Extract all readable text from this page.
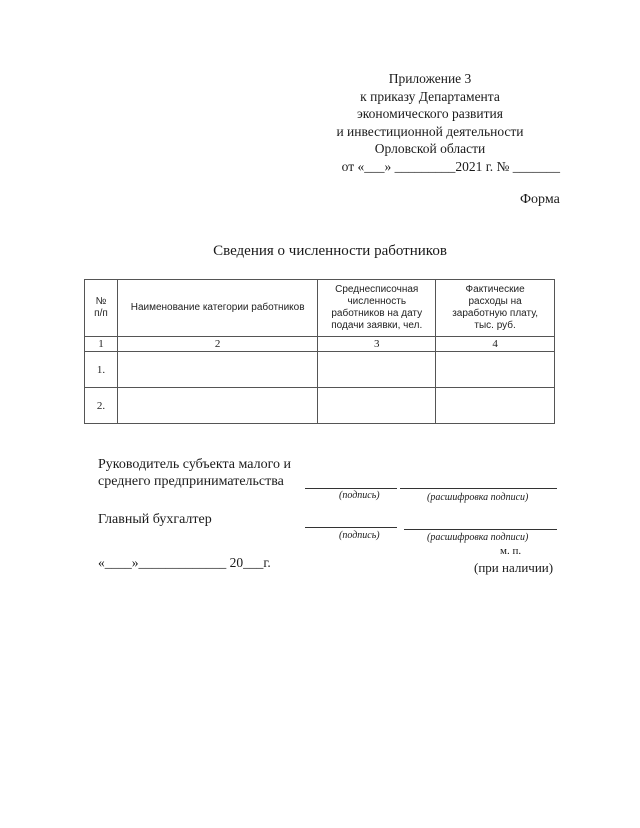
Приложение 3
к приказу Департамента
экономического развития
и инвестиционной деятельности
Орловской области
от «___» _________2021 г. № _______
Форма
Сведения о численности работников
№ п/п	Наименование категории работников	Среднесписочная численность работников на дату подачи заявки, чел.	Фактические расходы на заработную плату, тыс. руб.
1	2	3	4
1.			
2.			
Руководитель субъекта малого и
среднего предпринимательства
(подпись)	(расшифровка подписи)
Главный бухгалтер
(подпись)	(расшифровка подписи)
«____»_____________ 20___г.
м. п.
(при наличии)
